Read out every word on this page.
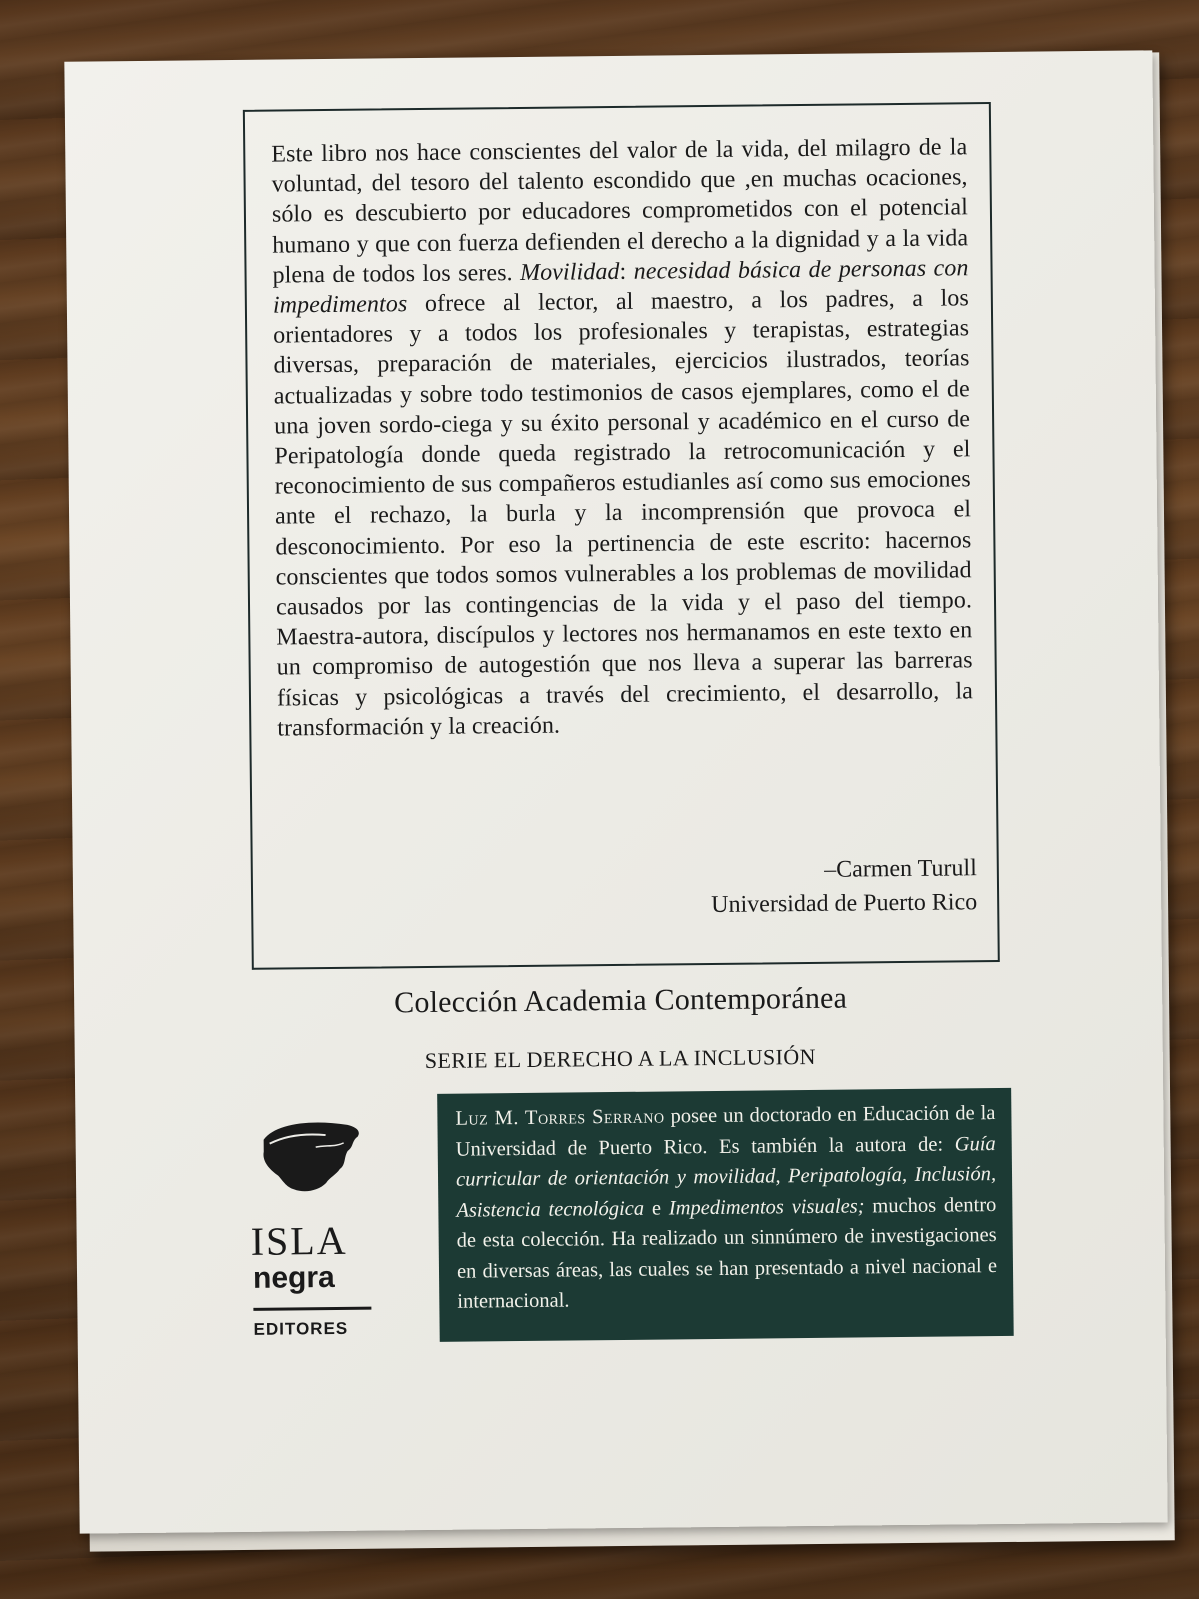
Este libro nos hace conscientes del valor de la vida, del milagro de la voluntad, del tesoro del talento escondido que ,en muchas ocaciones, sólo es descubierto por educadores comprometidos con el potencial humano y que con fuerza defienden el derecho a la dignidad y a la vida plena de todos los seres. Movilidad: necesidad básica de personas con impedimentos ofrece al lector, al maestro, a los padres, a los orientadores y a todos los profesionales y terapistas, estrategias diversas, preparación de materiales, ejercicios ilustrados, teorías actualizadas y sobre todo testimonios de casos ejemplares, como el de una joven sordo-ciega y su éxito personal y académico en el curso de Peripatología donde queda registrado la retrocomunicación y el reconocimiento de sus compañeros estudianles así como sus emociones ante el rechazo, la burla y la incomprensión que provoca el desconocimiento. Por eso la pertinencia de este escrito: hacernos conscientes que todos somos vulnerables a los problemas de movilidad causados por las contingencias de la vida y el paso del tiempo. Maestra-autora, discípulos y lectores nos hermanamos en este texto en un compromiso de autogestión que nos lleva a superar las barreras físicas y psicológicas a través del crecimiento, el desarrollo, la transformación y la creación.

–Carmen Turull
Universidad de Puerto Rico
Colección Academia Contemporánea
SERIE EL DERECHO A LA INCLUSIÓN
ISLA
negra
EDITORES

Luz M. Torres Serrano posee un doctorado en Educación de la Universidad de Puerto Rico. Es también la autora de: Guía curricular de orientación y movilidad, Peripatología, Inclusión, Asistencia tecnológica e Impedimentos visuales; muchos dentro de esta colección. Ha realizado un sinnúmero de investigaciones en diversas áreas, las cuales se han presentado a nivel nacional e internacional.
